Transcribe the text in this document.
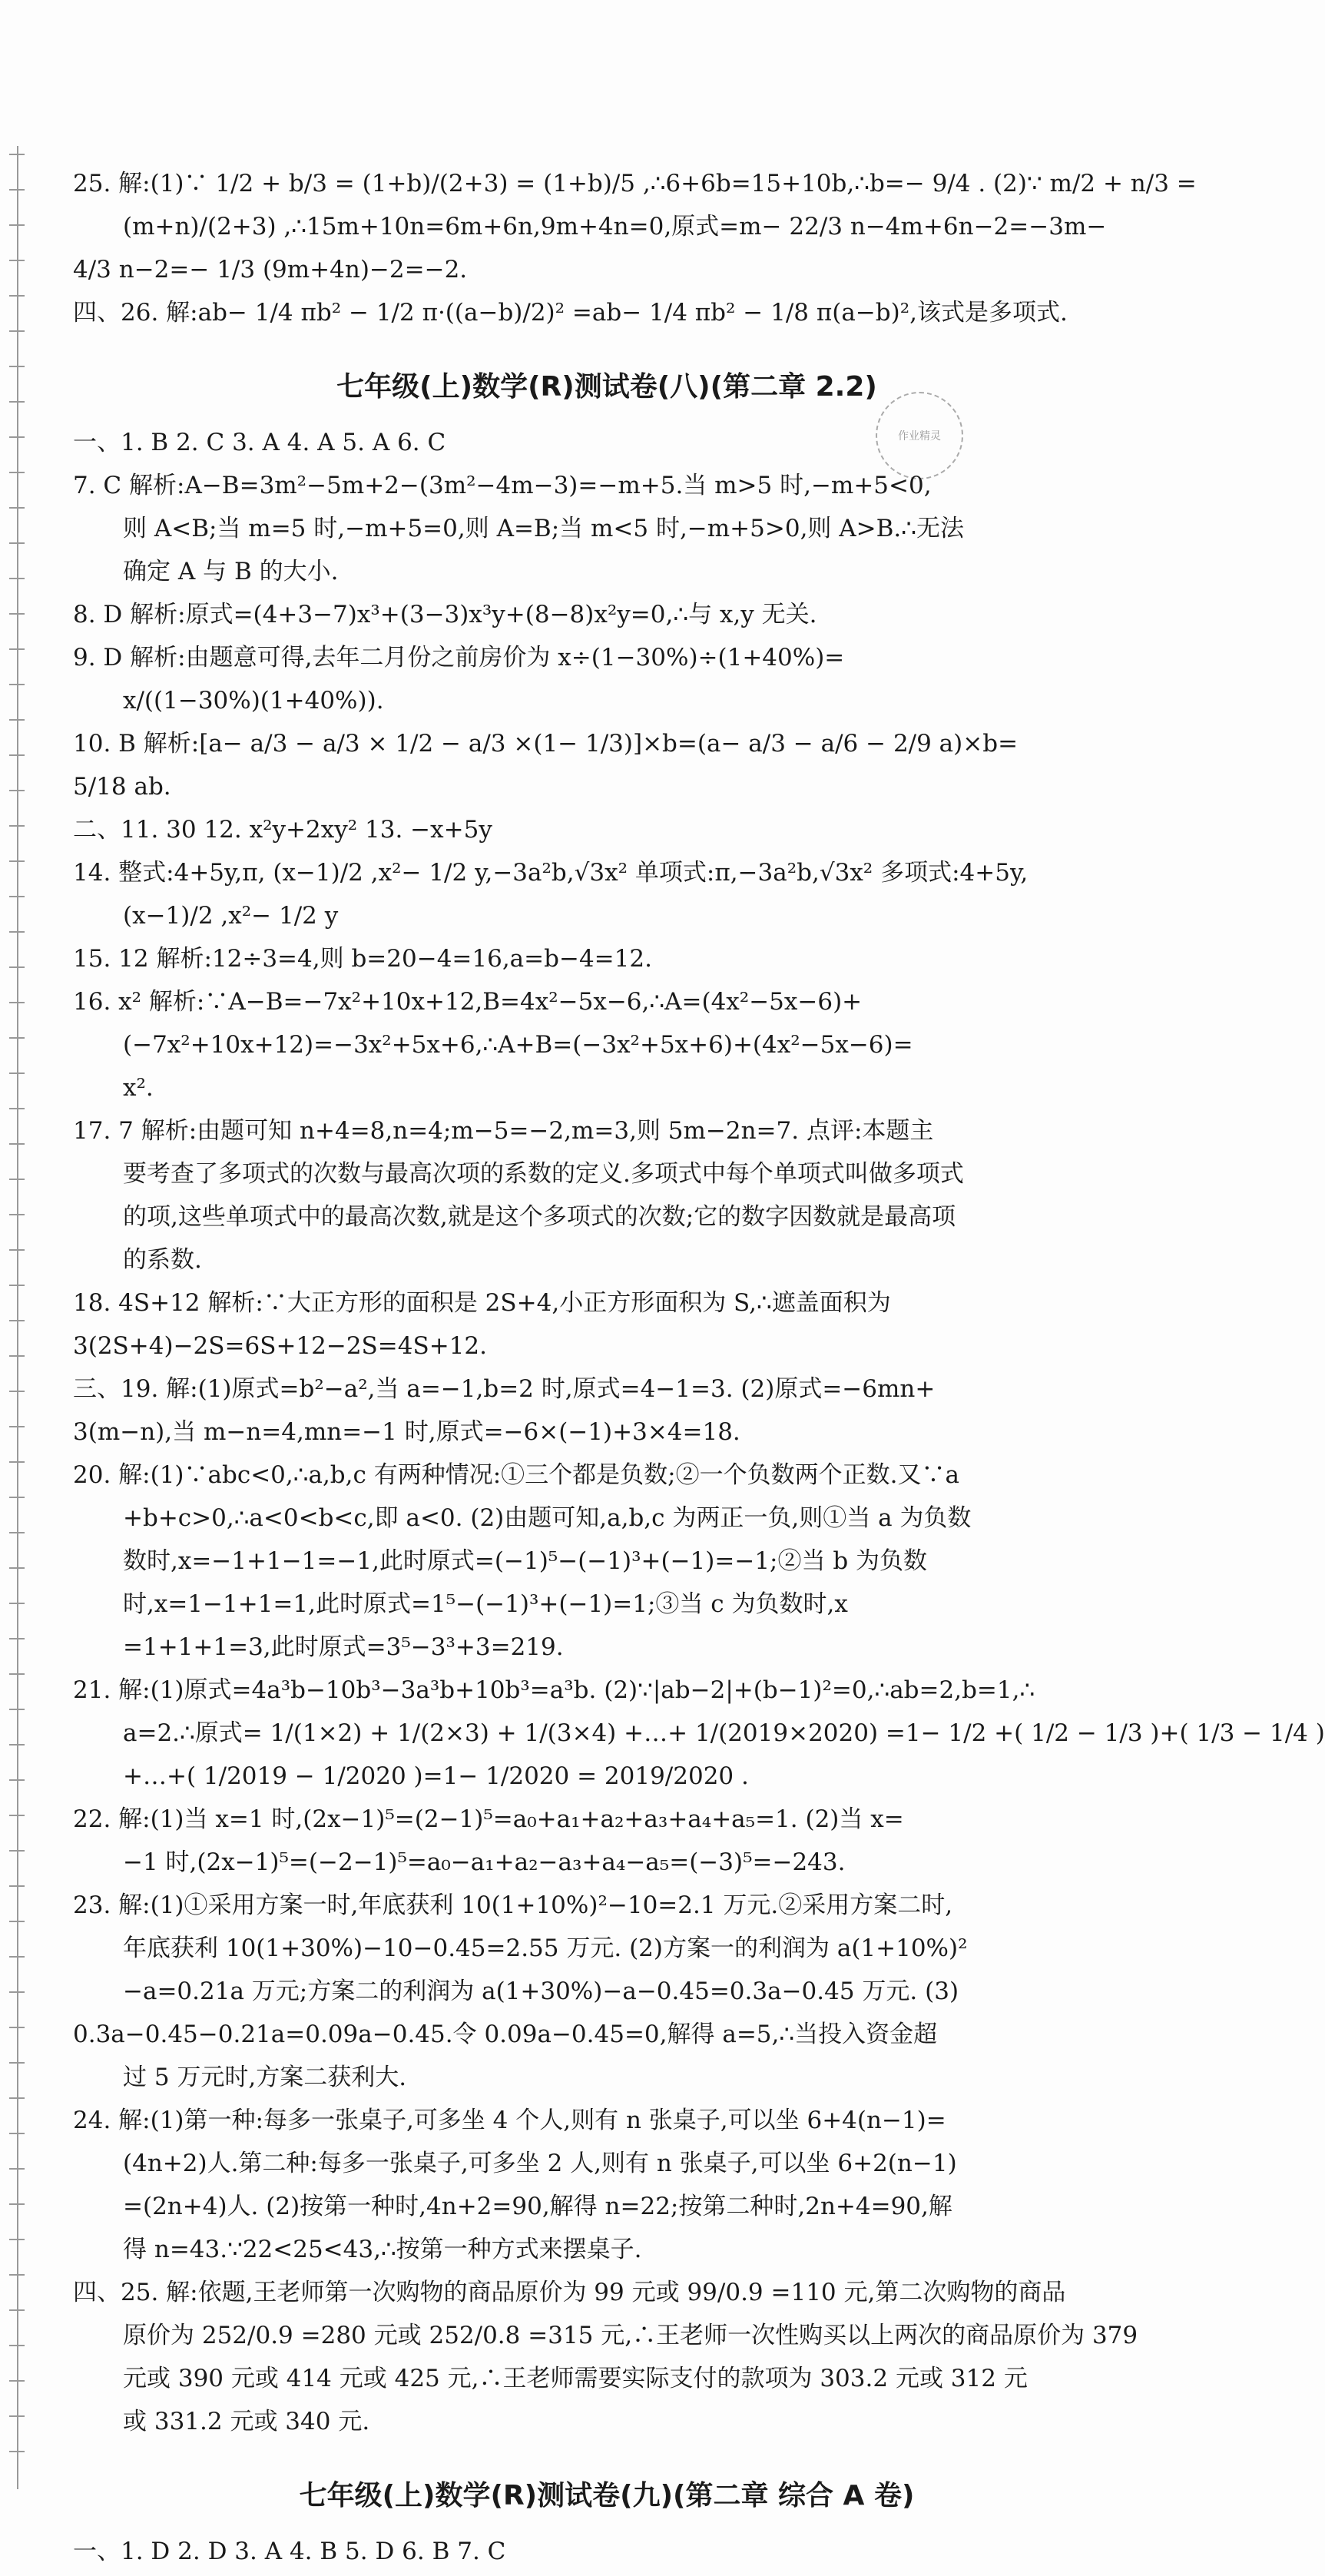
作业精灵
25. 解:(1)∵ 1/2 + b/3 = (1+b)/(2+3) = (1+b)/5 ,∴6+6b=15+10b,∴b=− 9/4 . (2)∵ m/2 + n/3 =
(m+n)/(2+3) ,∴15m+10n=6m+6n,9m+4n=0,原式=m− 22/3 n−4m+6n−2=−3m−
4/3 n−2=− 1/3 (9m+4n)−2=−2.
四、26. 解:ab− 1/4 πb² − 1/2 π·((a−b)/2)² =ab− 1/4 πb² − 1/8 π(a−b)²,该式是多项式.
七年级(上)数学(R)测试卷(八)(第二章 2.2)
一、1. B 2. C 3. A 4. A 5. A 6. C
7. C 解析:A−B=3m²−5m+2−(3m²−4m−3)=−m+5.当 m>5 时,−m+5<0,
则 A<B;当 m=5 时,−m+5=0,则 A=B;当 m<5 时,−m+5>0,则 A>B.∴无法
确定 A 与 B 的大小.
8. D 解析:原式=(4+3−7)x³+(3−3)x³y+(8−8)x²y=0,∴与 x,y 无关.
9. D 解析:由题意可得,去年二月份之前房价为 x÷(1−30%)÷(1+40%)=
x/((1−30%)(1+40%)).
10. B 解析:[a− a/3 − a/3 × 1/2 − a/3 ×(1− 1/3)]×b=(a− a/3 − a/6 − 2/9 a)×b=
5/18 ab.
二、11. 30 12. x²y+2xy² 13. −x+5y
14. 整式:4+5y,π, (x−1)/2 ,x²− 1/2 y,−3a²b,√3x² 单项式:π,−3a²b,√3x² 多项式:4+5y,
(x−1)/2 ,x²− 1/2 y
15. 12 解析:12÷3=4,则 b=20−4=16,a=b−4=12.
16. x² 解析:∵A−B=−7x²+10x+12,B=4x²−5x−6,∴A=(4x²−5x−6)+
(−7x²+10x+12)=−3x²+5x+6,∴A+B=(−3x²+5x+6)+(4x²−5x−6)=
x².
17. 7 解析:由题可知 n+4=8,n=4;m−5=−2,m=3,则 5m−2n=7. 点评:本题主
要考查了多项式的次数与最高次项的系数的定义.多项式中每个单项式叫做多项式
的项,这些单项式中的最高次数,就是这个多项式的次数;它的数字因数就是最高项
的系数.
18. 4S+12 解析:∵大正方形的面积是 2S+4,小正方形面积为 S,∴遮盖面积为
3(2S+4)−2S=6S+12−2S=4S+12.
三、19. 解:(1)原式=b²−a²,当 a=−1,b=2 时,原式=4−1=3. (2)原式=−6mn+
3(m−n),当 m−n=4,mn=−1 时,原式=−6×(−1)+3×4=18.
20. 解:(1)∵abc<0,∴a,b,c 有两种情况:①三个都是负数;②一个负数两个正数.又∵a
+b+c>0,∴a<0<b<c,即 a<0. (2)由题可知,a,b,c 为两正一负,则①当 a 为负数
数时,x=−1+1−1=−1,此时原式=(−1)⁵−(−1)³+(−1)=−1;②当 b 为负数
时,x=1−1+1=1,此时原式=1⁵−(−1)³+(−1)=1;③当 c 为负数时,x
=1+1+1=3,此时原式=3⁵−3³+3=219.
21. 解:(1)原式=4a³b−10b³−3a³b+10b³=a³b. (2)∵|ab−2|+(b−1)²=0,∴ab=2,b=1,∴
a=2.∴原式= 1/(1×2) + 1/(2×3) + 1/(3×4) +…+ 1/(2019×2020) =1− 1/2 +( 1/2 − 1/3 )+( 1/3 − 1/4 )
+…+( 1/2019 − 1/2020 )=1− 1/2020 = 2019/2020 .
22. 解:(1)当 x=1 时,(2x−1)⁵=(2−1)⁵=a₀+a₁+a₂+a₃+a₄+a₅=1. (2)当 x=
−1 时,(2x−1)⁵=(−2−1)⁵=a₀−a₁+a₂−a₃+a₄−a₅=(−3)⁵=−243.
23. 解:(1)①采用方案一时,年底获利 10(1+10%)²−10=2.1 万元.②采用方案二时,
年底获利 10(1+30%)−10−0.45=2.55 万元. (2)方案一的利润为 a(1+10%)²
−a=0.21a 万元;方案二的利润为 a(1+30%)−a−0.45=0.3a−0.45 万元. (3)
0.3a−0.45−0.21a=0.09a−0.45.令 0.09a−0.45=0,解得 a=5,∴当投入资金超
过 5 万元时,方案二获利大.
24. 解:(1)第一种:每多一张桌子,可多坐 4 个人,则有 n 张桌子,可以坐 6+4(n−1)=
(4n+2)人.第二种:每多一张桌子,可多坐 2 人,则有 n 张桌子,可以坐 6+2(n−1)
=(2n+4)人. (2)按第一种时,4n+2=90,解得 n=22;按第二种时,2n+4=90,解
得 n=43.∵22<25<43,∴按第一种方式来摆桌子.
四、25. 解:依题,王老师第一次购物的商品原价为 99 元或 99/0.9 =110 元,第二次购物的商品
原价为 252/0.9 =280 元或 252/0.8 =315 元,∴王老师一次性购买以上两次的商品原价为 379
元或 390 元或 414 元或 425 元,∴王老师需要实际支付的款项为 303.2 元或 312 元
或 331.2 元或 340 元.
七年级(上)数学(R)测试卷(九)(第二章 综合 A 卷)
一、1. D 2. D 3. A 4. B 5. D 6. B 7. C
